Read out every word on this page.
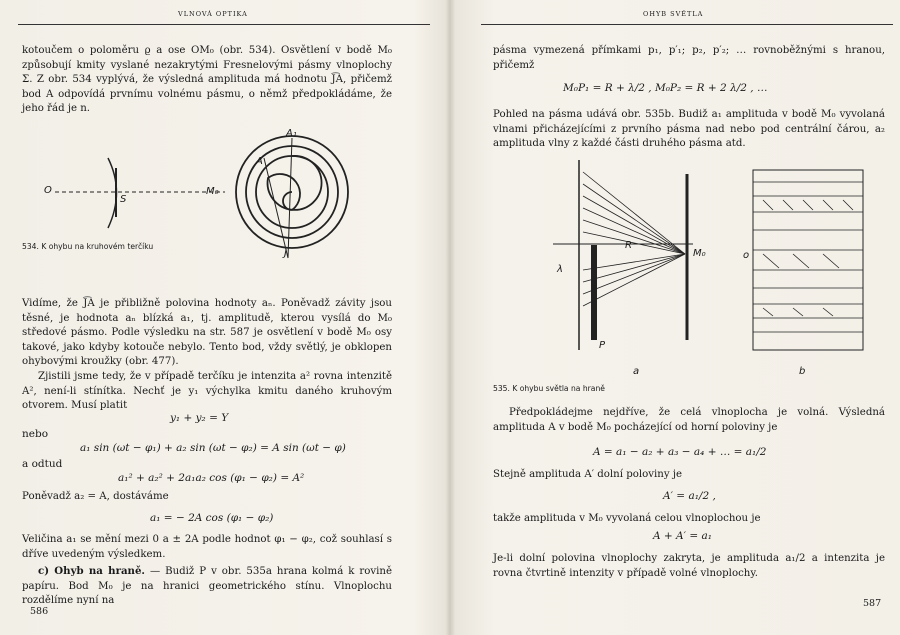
VLNOVÁ OPTIKA
kotoučem o poloměru ϱ a ose OM₀ (obr. 534). Osvětlení v bodě M₀ způsobují kmity vyslané nezakrytými Fresnelovými pásmy vlnoplochy Σ. Z obr. 534 vyplývá, že výsledná amplituda má hodnotu J͡A, přičemž bod A odpovídá prvnímu volnému pásmu, o němž předpokládáme, že jeho řád je n.
O
S
M₀
A₁
A
J
534. K ohybu na kruhovém terčíku
Vidíme, že J͡A je přibližně polovina hodnoty aₙ. Poněvadž závity jsou těsné, je hodnota aₙ blízká a₁, tj. amplitudě, kterou vysílá do M₀ středové pásmo. Podle výsledku na str. 587 je osvětlení v bodě M₀ osy takové, jako kdyby kotouče nebylo. Tento bod, vždy světlý, je obklopen ohybovými kroužky (obr. 477).
Zjistili jsme tedy, že v případě terčíku je intenzita a² rovna intenzitě A², není-li stínítka. Nechť je y₁ výchylka kmitu daného kruhovým otvorem. Musí platit
y₁ + y₂ = Y
nebo
a₁ sin (ωt − φ₁) + a₂ sin (ωt − φ₂) = A sin (ωt − φ)
a odtud
a₁² + a₂² + 2a₁a₂ cos (φ₁ − φ₂) = A²
Poněvadž a₂ = A, dostáváme
a₁ = − 2A cos (φ₁ − φ₂)
Veličina a₁ se mění mezi 0 a ± 2A podle hodnot φ₁ − φ₂, což souhlasí s dříve uvedeným výsledkem.
c) Ohyb na hraně. — Budiž P v obr. 535a hrana kolmá k rovině papíru. Bod M₀ je na hranici geometrického stínu. Vlnoplochu rozdělíme nyní na
586
OHYB SVĚTLA
pásma vymezená přímkami p₁, p′₁; p₂, p′₂; … rovnoběžnými s hranou, přičemž
M₀P₁ = R + λ/2 , M₀P₂ = R + 2 λ/2 , …
Pohled na pásma udává obr. 535b. Budiž a₁ amplituda v bodě M₀ vyvolaná vlnami přicházejícími z prvního pásma nad nebo pod centrální čárou, a₂ amplituda vlny z každé části druhého pásma atd.
R
M₀
P
λ
o
a	b
535. K ohybu světla na hraně
Předpokládejme nejdříve, že celá vlnoplocha je volná. Výsledná amplituda A v bodě M₀ pocházející od horní poloviny je
A = a₁ − a₂ + a₃ − a₄ + … = a₁/2
Stejně amplituda A′ dolní poloviny je
A′ = a₁/2 ,
takže amplituda v M₀ vyvolaná celou vlnoplochou je
A + A′ = a₁
Je-li dolní polovina vlnoplochy zakryta, je amplituda a₁/2 a intenzita je rovna čtvrtině intenzity v případě volné vlnoplochy.
587
